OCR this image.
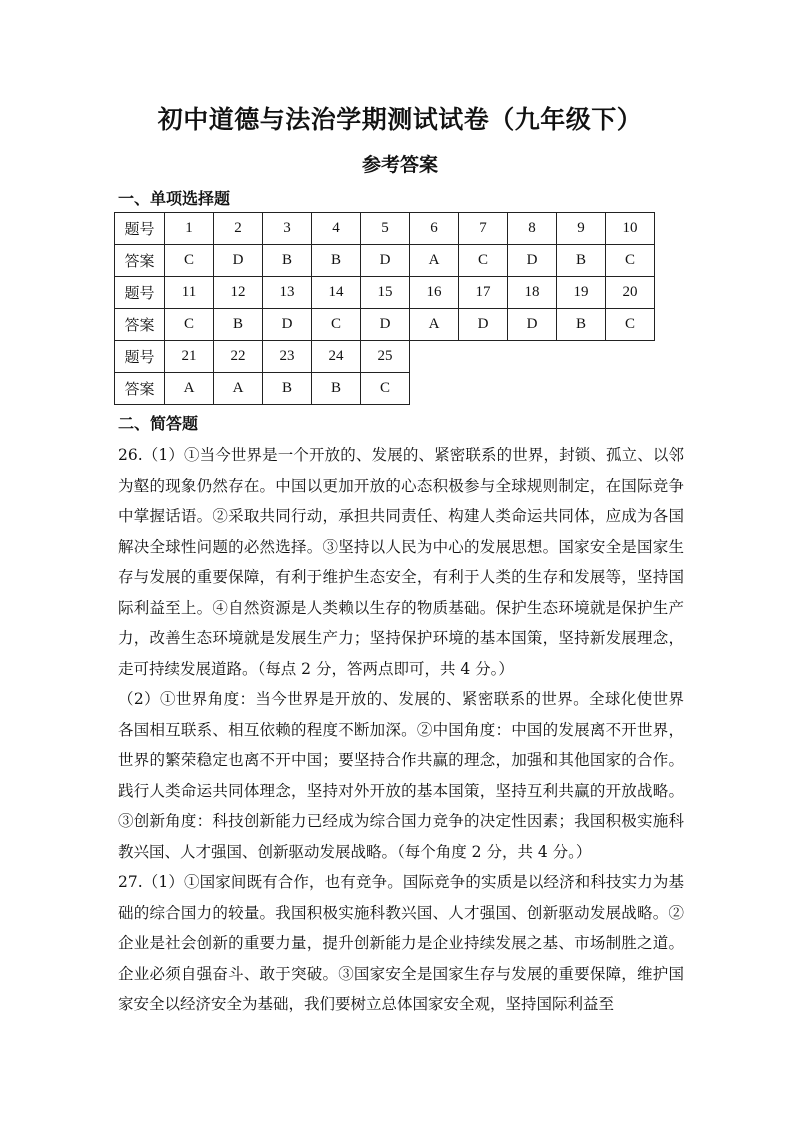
初中道德与法治学期测试试卷（九年级下）
参考答案
一、单项选择题
题号	1	2	3	4	5	6	7	8	9	10
答案	C	D	B	B	D	A	C	D	B	C
题号	11	12	13	14	15	16	17	18	19	20
答案	C	B	D	C	D	A	D	D	B	C
题号	21	22	23	24	25					
答案	A	A	B	B	C					
二、简答题

26.（1）①当今世界是一个开放的、发展的、紧密联系的世界，封锁、孤立、以邻为壑的现象仍然存在。中国以更加开放的心态积极参与全球规则制定，在国际竞争中掌握话语。②采取共同行动，承担共同责任、构建人类命运共同体，应成为各国解决全球性问题的必然选择。③坚持以人民为中心的发展思想。国家安全是国家生存与发展的重要保障，有利于维护生态安全，有利于人类的生存和发展等，坚持国际利益至上。④自然资源是人类赖以生存的物质基础。保护生态环境就是保护生产力，改善生态环境就是发展生产力；坚持保护环境的基本国策，坚持新发展理念，走可持续发展道路。（每点 2 分，答两点即可，共 4 分。）

（2）①世界角度：当今世界是开放的、发展的、紧密联系的世界。全球化使世界各国相互联系、相互依赖的程度不断加深。②中国角度：中国的发展离不开世界，世界的繁荣稳定也离不开中国；要坚持合作共赢的理念，加强和其他国家的合作。践行人类命运共同体理念，坚持对外开放的基本国策，坚持互利共赢的开放战略。③创新角度：科技创新能力已经成为综合国力竞争的决定性因素；我国积极实施科教兴国、人才强国、创新驱动发展战略。（每个角度 2 分，共 4 分。）

27.（1）①国家间既有合作，也有竞争。国际竞争的实质是以经济和科技实力为基础的综合国力的较量。我国积极实施科教兴国、人才强国、创新驱动发展战略。②企业是社会创新的重要力量，提升创新能力是企业持续发展之基、市场制胜之道。企业必须自强奋斗、敢于突破。③国家安全是国家生存与发展的重要保障，维护国家安全以经济安全为基础，我们要树立总体国家安全观，坚持国际利益至
